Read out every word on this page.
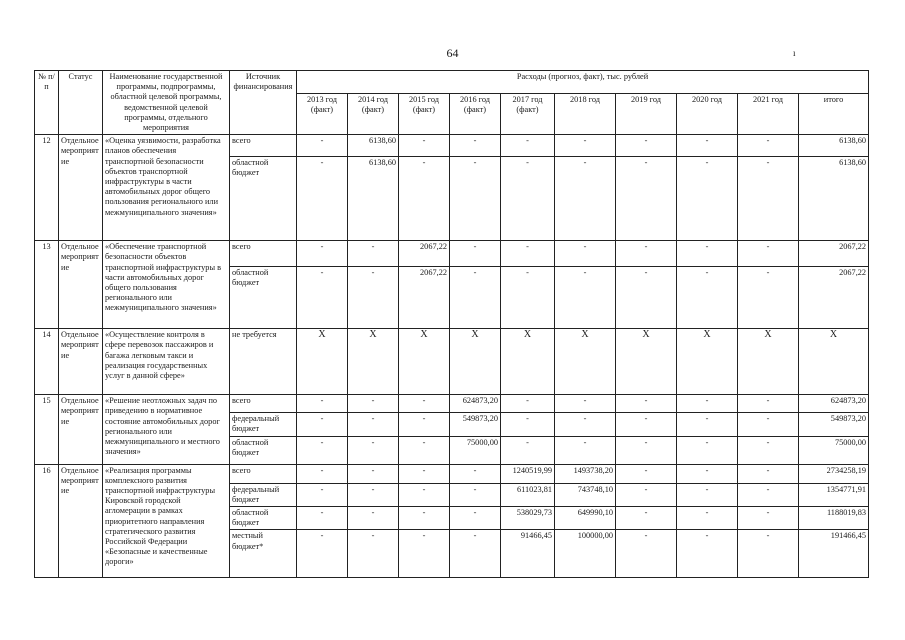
64	ı
№ п/п	Статус	Наименование государственной программы, подпрограммы, областной целевой программы, ведомственной целевой программы, отдельного мероприятия	Источник финансирования	Расходы (прогноз, факт), тыс. рублей									
				2013 год (факт)	2014 год (факт)	2015 год (факт)	2016 год (факт)	2017 год (факт)	2018 год	2019 год	2020 год	2021 год	итого
12	Отдельное мероприятие	«Оценка уязвимости, разработка планов обеспечения транспортной безопасности объектов транспортной инфраструктуры в части автомобильных дорог общего пользования регионального или межмуниципального значения»	всего	-	6138,60	-	-	-	-	-	-	-	6138,60
			областной бюджет	-	6138,60	-	-	-	-	-	-	-	6138,60
13	Отдельное мероприятие	«Обеспечение транспортной безопасности объектов транспортной инфраструктуры в части автомобильных дорог общего пользования регионального или межмуниципального значения»	всего	-	-	2067,22	-	-	-	-	-	-	2067,22
			областной бюджет	-	-	2067,22	-	-	-	-	-	-	2067,22
14	Отдельное мероприятие	«Осуществление контроля в сфере перевозок пассажиров и багажа легковым такси и реализация государственных услуг в данной сфере»	не требуется	X	X	X	X	X	X	X	X	X	X
15	Отдельное мероприятие	«Решение неотложных задач по приведению в нормативное состояние автомобильных дорог регионального или межмуниципального и местного значения»	всего	-	-	-	624873,20	-	-	-	-	-	624873,20
			федеральный бюджет	-	-	-	549873,20	-	-	-	-	-	549873,20
			областной бюджет	-	-	-	75000,00	-	-	-	-	-	75000,00
16	Отдельное мероприятие	«Реализация программы комплексного развития транспортной инфраструктуры Кировской городской агломерации в рамках приоритетного направления стратегического развития Российской Федерации «Безопасные и качественные дороги»	всего	-	-	-	-	1240519,99	1493738,20	-	-	-	2734258,19
			федеральный бюджет	-	-	-	-	611023,81	743748,10	-	-	-	1354771,91
			областной бюджет	-	-	-	-	538029,73	649990,10	-	-	-	1188019,83
			местный бюджет*	-	-	-	-	91466,45	100000,00	-	-	-	191466,45
